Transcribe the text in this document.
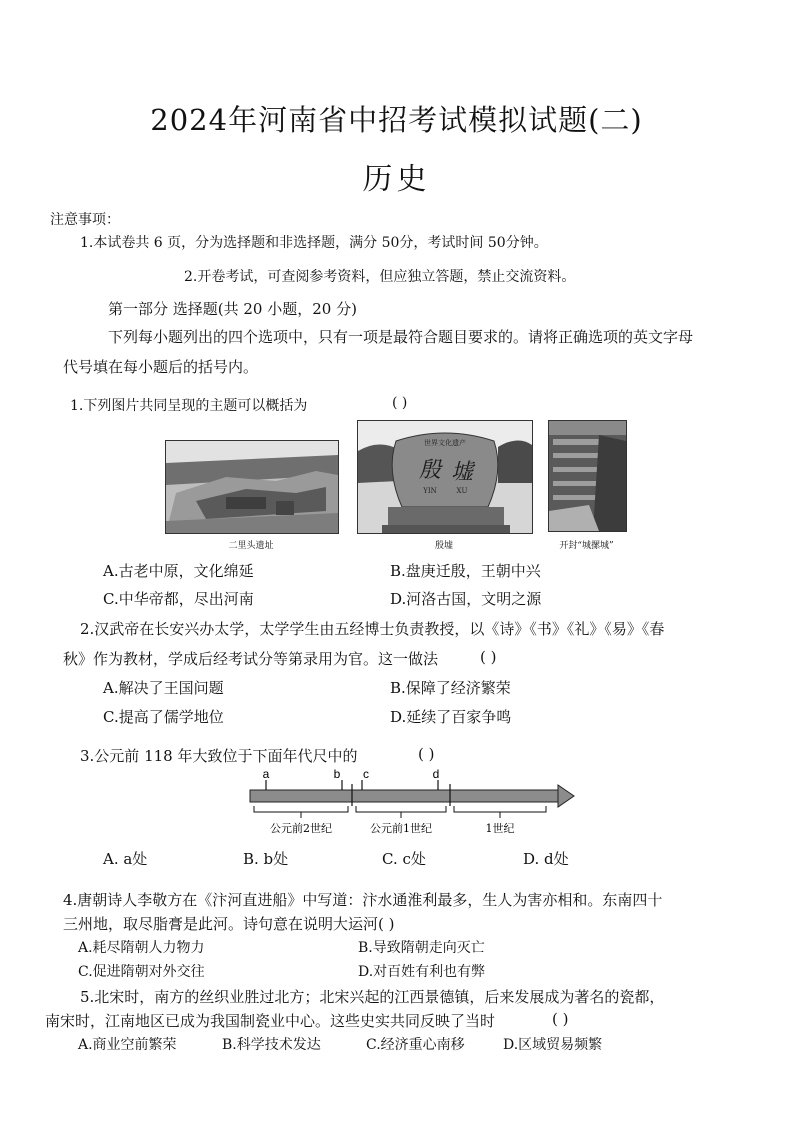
2024年河南省中招考试模拟试题(二)
历史
注意事项：
1.本试卷共 6 页，分为选择题和非选择题，满分 50分，考试时间 50分钟。
2.开卷考试，可查阅参考资料，但应独立答题，禁止交流资料。
第一部分 选择题(共 20 小题，20 分)
下列每小题列出的四个选项中，只有一项是最符合题目要求的。请将正确选项的英文字母
代号填在每小题后的括号内。
1.下列图片共同呈现的主题可以概括为	( )
二里头遗址
世界文化遗产
殷 墟
YIN	XU
殷墟	开封“城摞城”
A.古老中原，文化绵延	B.盘庚迁殷，王朝中兴
C.中华帝都，尽出河南	D.河洛古国，文明之源
2.汉武帝在长安兴办太学，太学学生由五经博士负责教授，以《诗》《书》《礼》《易》《春
秋》作为教材，学成后经考试分等第录用为官。这一做法	( )
A.解决了王国问题	B.保障了经济繁荣
C.提高了儒学地位	D.延续了百家争鸣
3.公元前 118 年大致位于下面年代尺中的	( )
a	b c	d
公元前2世纪	公元前1世纪	1世纪
A. a处	B. b处	C. c处	D. d处
4.唐朝诗人李敬方在《汴河直进船》中写道：汴水通淮利最多，生人为害亦相和。东南四十
三州地，取尽脂膏是此河。诗句意在说明大运河( )
A.耗尽隋朝人力物力	B.导致隋朝走向灭亡
C.促进隋朝对外交往	D.对百姓有利也有弊
5.北宋时，南方的丝织业胜过北方；北宋兴起的江西景德镇，后来发展成为著名的瓷都，
南宋时，江南地区已成为我国制瓷业中心。这些史实共同反映了当时	( )
A.商业空前繁荣	B.科学技术发达	C.经济重心南移	D.区域贸易频繁
